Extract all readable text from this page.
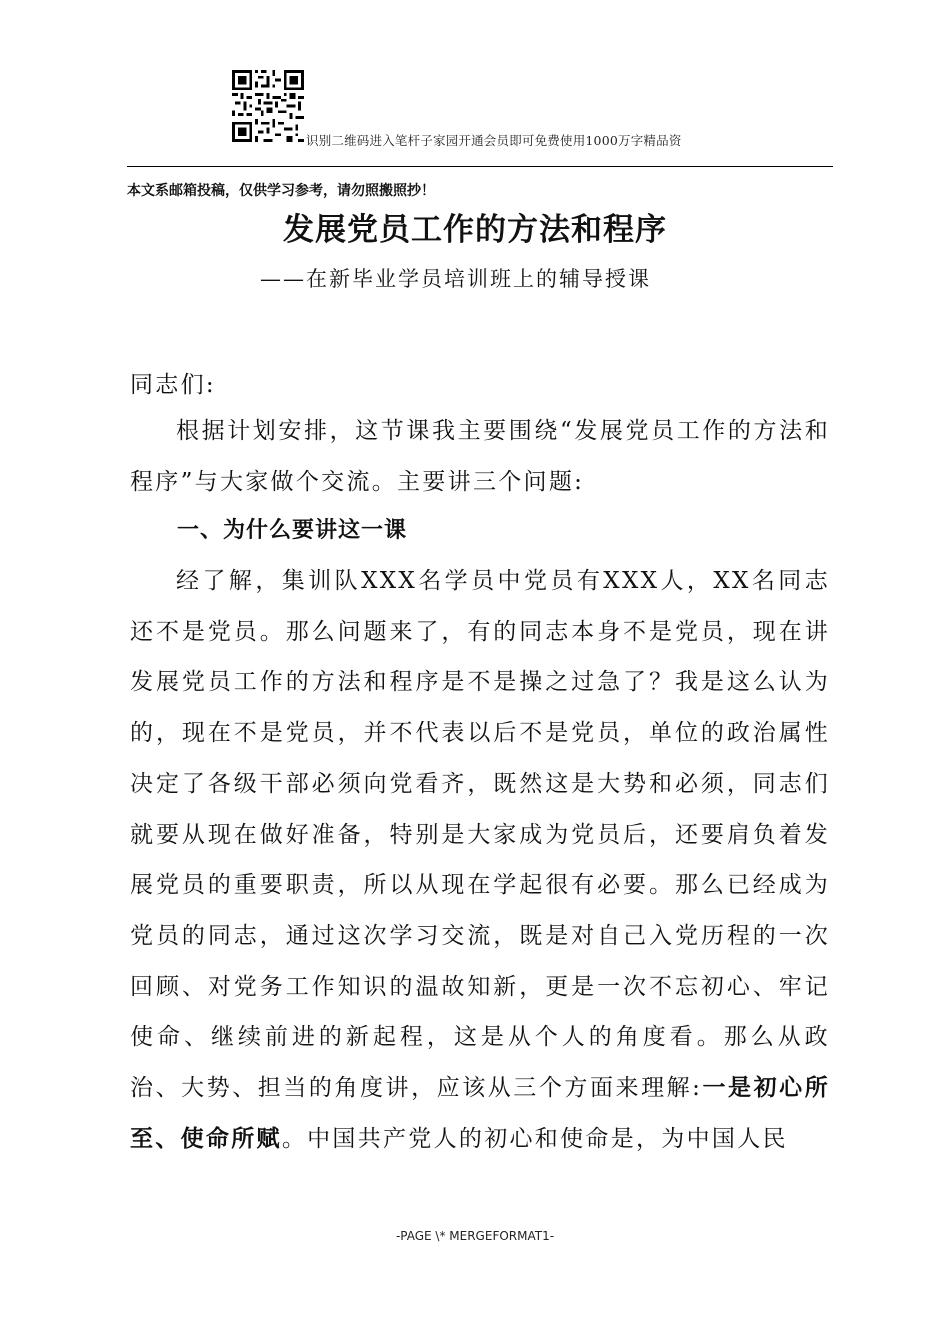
识别二维码进入笔杆子家园开通会员即可免费使用1000万字精品资
本文系邮箱投稿，仅供学习参考，请勿照搬照抄！
发展党员工作的方法和程序
——在新毕业学员培训班上的辅导授课
同志们:
根据计划安排，这节课我主要围绕“发展党员工作的方法和程序”与大家做个交流。主要讲三个问题:
一、为什么要讲这一课
经了解，集训队XXX名学员中党员有XXX人，XX名同志还不是党员。那么问题来了，有的同志本身不是党员，现在讲发展党员工作的方法和程序是不是操之过急了？我是这么认为的，现在不是党员，并不代表以后不是党员，单位的政治属性决定了各级干部必须向党看齐，既然这是大势和必须，同志们就要从现在做好准备，特别是大家成为党员后，还要肩负着发展党员的重要职责，所以从现在学起很有必要。那么已经成为党员的同志，通过这次学习交流，既是对自己入党历程的一次回顾、对党务工作知识的温故知新，更是一次不忘初心、牢记使命、继续前进的新起程，这是从个人的角度看。那么从政治、大势、担当的角度讲，应该从三个方面来理解:一是初心所至、使命所赋。中国共产党人的初心和使命是，为中国人民
-PAGE \* MERGEFORMAT1-
